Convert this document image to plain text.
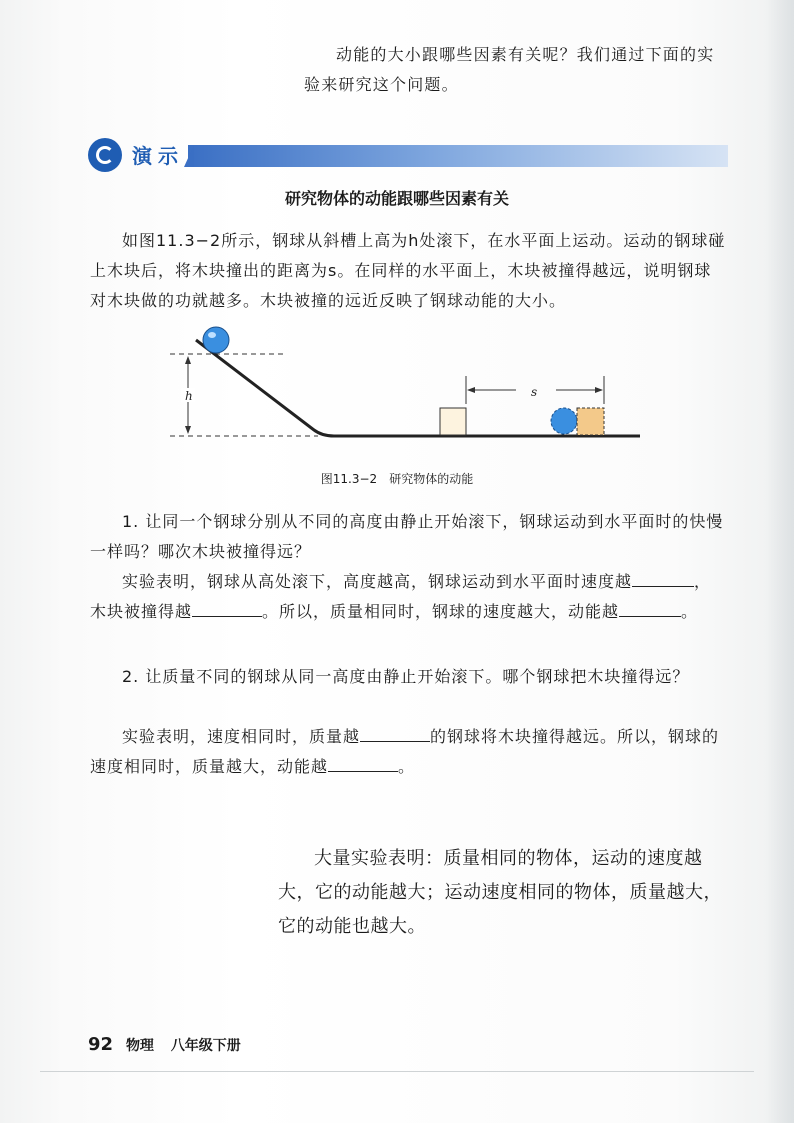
动能的大小跟哪些因素有关呢？我们通过下面的实验来研究这个问题。

演示
研究物体的动能跟哪些因素有关

如图11.3−2所示，钢球从斜槽上高为h处滚下，在水平面上运动。运动的钢球碰上木块后，将木块撞出的距离为s。在同样的水平面上，木块被撞得越远，说明钢球对木块做的功就越多。木块被撞的远近反映了钢球动能的大小。

h	s
图11.3−2　研究物体的动能

1. 让同一个钢球分别从不同的高度由静止开始滚下，钢球运动到水平面时的快慢一样吗？哪次木块被撞得远？

实验表明，钢球从高处滚下，高度越高，钢球运动到水平面时速度越	，木块被撞得越	。所以，质量相同时，钢球的速度越大，动能越	。

2. 让质量不同的钢球从同一高度由静止开始滚下。哪个钢球把木块撞得远？

实验表明，速度相同时，质量越	的钢球将木块撞得越远。所以，钢球的速度相同时，质量越大，动能越	。

大量实验表明：质量相同的物体，运动的速度越大，它的动能越大；运动速度相同的物体，质量越大，它的动能也越大。

92 物理 八年级下册
